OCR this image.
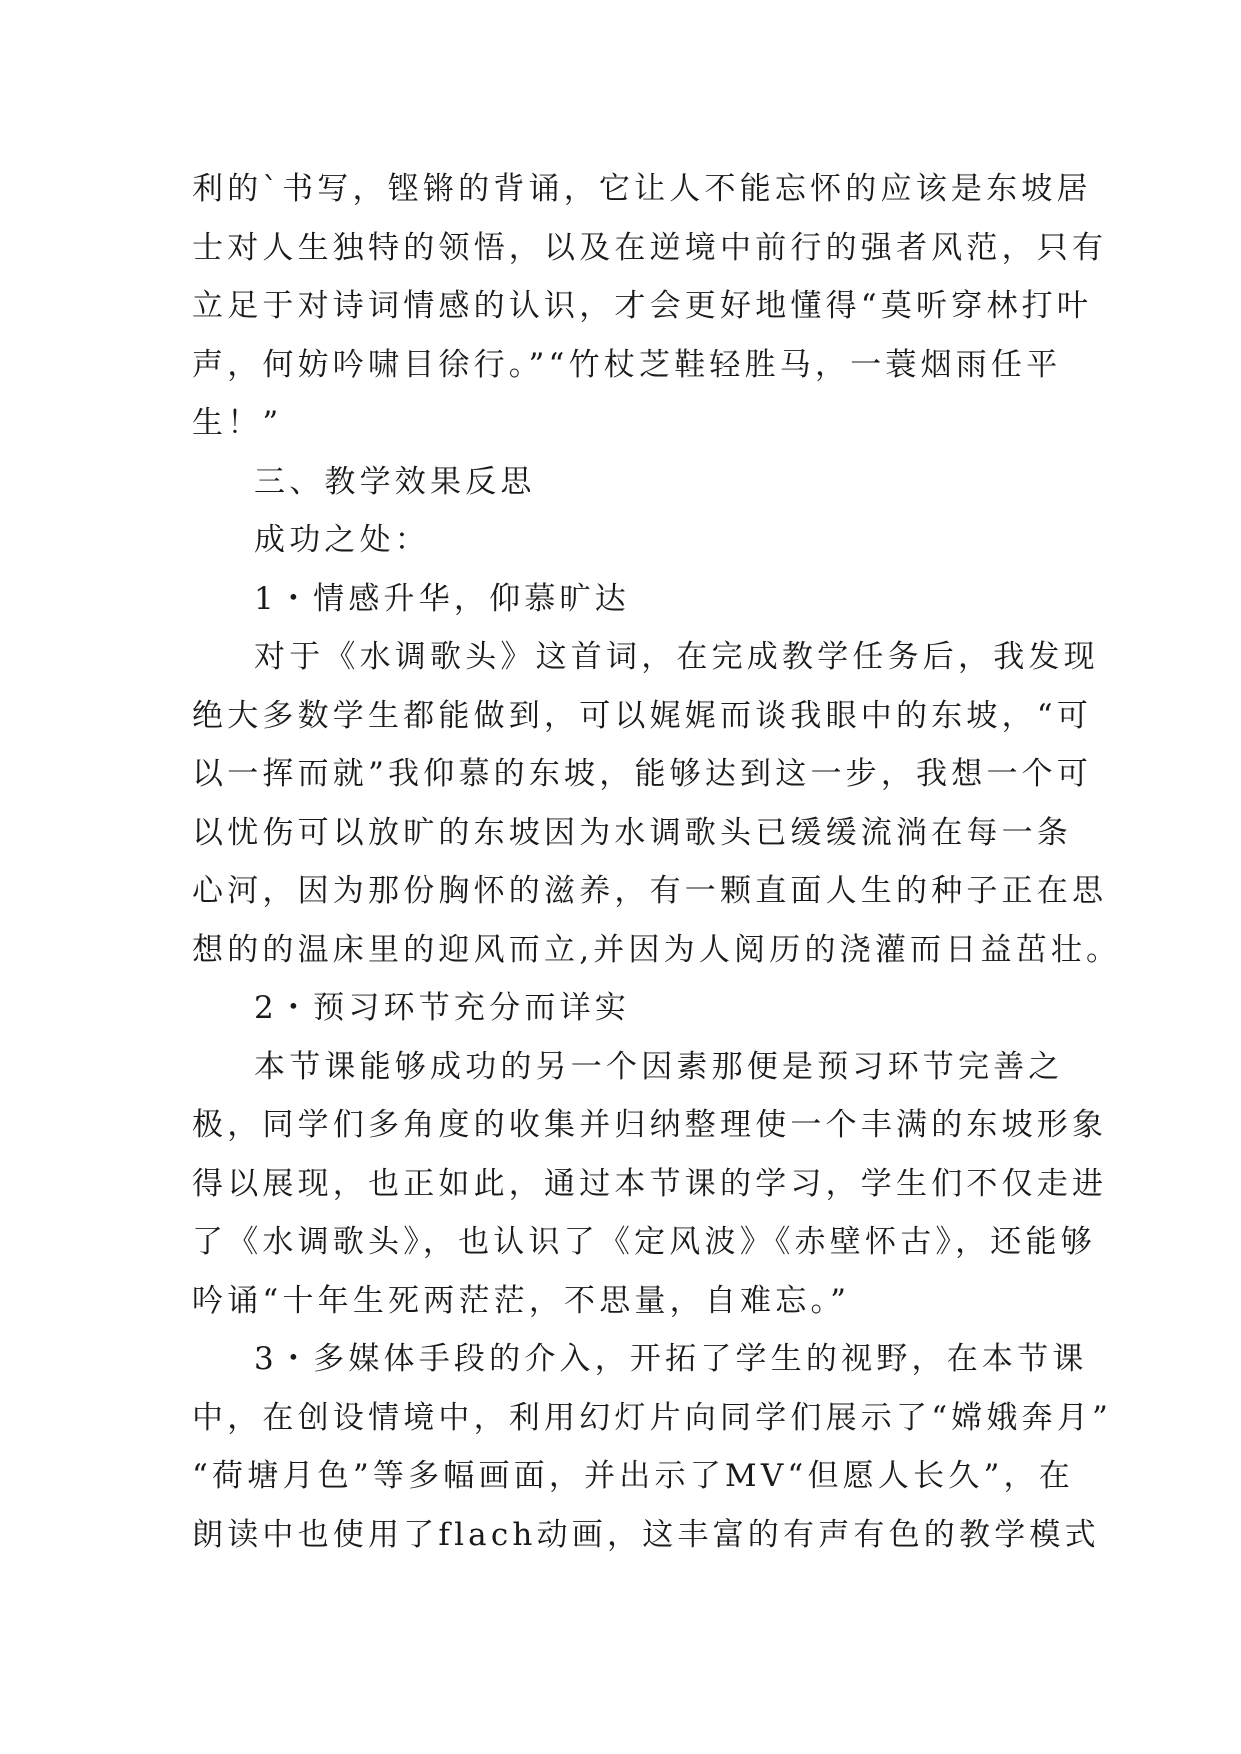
利的`书写，铿锵的背诵，它让人不能忘怀的应该是东坡居
士对人生独特的领悟，以及在逆境中前行的强者风范，只有
立足于对诗词情感的认识，才会更好地懂得“莫听穿林打叶
声，何妨吟啸目徐行。”“竹杖芝鞋轻胜马，一蓑烟雨任平
生！”
三、教学效果反思
成功之处：
1・情感升华，仰慕旷达
对于《水调歌头》这首词，在完成教学任务后，我发现
绝大多数学生都能做到，可以娓娓而谈我眼中的东坡，“可
以一挥而就”我仰慕的东坡，能够达到这一步，我想一个可
以忧伤可以放旷的东坡因为水调歌头已缓缓流淌在每一条
心河，因为那份胸怀的滋养，有一颗直面人生的种子正在思
想的的温床里的迎风而立,并因为人阅历的浇灌而日益茁壮。
2・预习环节充分而详实
本节课能够成功的另一个因素那便是预习环节完善之
极，同学们多角度的收集并归纳整理使一个丰满的东坡形象
得以展现，也正如此，通过本节课的学习，学生们不仅走进
了《水调歌头》，也认识了《定风波》《赤壁怀古》，还能够
吟诵“十年生死两茫茫，不思量，自难忘。”
3・多媒体手段的介入，开拓了学生的视野，在本节课
中，在创设情境中，利用幻灯片向同学们展示了“嫦娥奔月”
“荷塘月色”等多幅画面，并出示了MV“但愿人长久”，在
朗读中也使用了flach动画，这丰富的有声有色的教学模式
